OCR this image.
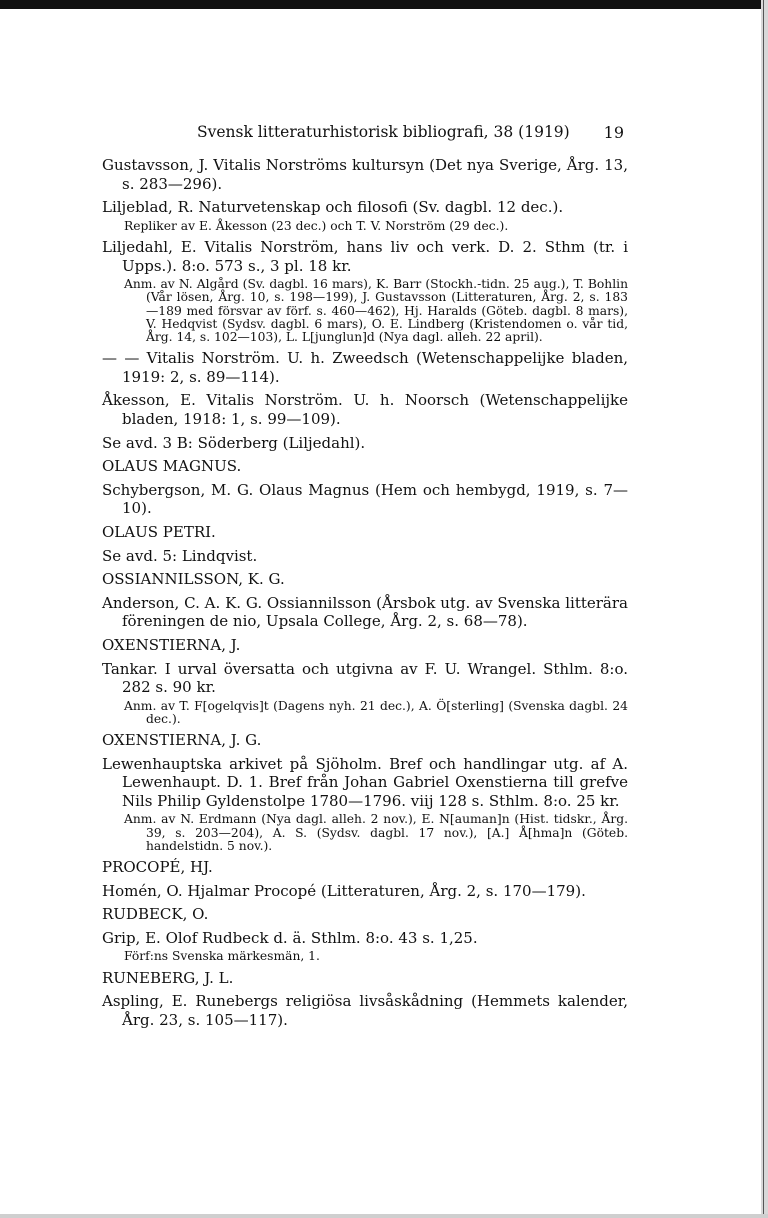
Svensk litteraturhistorisk bibliografi, 38 (1919) 19
Gustavsson, J. Vitalis Norströms kultursyn (Det nya Sverige, Årg. 13, s. 283—296).
Liljeblad, R. Naturvetenskap och filosofi (Sv. dagbl. 12 dec.).
Repliker av E. Åkesson (23 dec.) och T. V. Norström (29 dec.).
Liljedahl, E. Vitalis Norström, hans liv och verk. D. 2. Sthm (tr. i Upps.). 8:o. 573 s., 3 pl. 18 kr.
Anm. av N. Algård (Sv. dagbl. 16 mars), K. Barr (Stockh.-tidn. 25 aug.), T. Bohlin (Vår lösen, Årg. 10, s. 198—199), J. Gustavsson (Litteraturen, Årg. 2, s. 183—189 med försvar av förf. s. 460—462), Hj. Haralds (Göteb. dagbl. 8 mars), V. Hedqvist (Sydsv. dagbl. 6 mars), O. E. Lindberg (Kristendomen o. vår tid, Årg. 14, s. 102—103), L. L[junglun]d (Nya dagl. alleh. 22 april).
— — Vitalis Norström. U. h. Zweedsch (Wetenschappelijke bladen, 1919: 2, s. 89—114).
Åkesson, E. Vitalis Norström. U. h. Noorsch (Wetenschappelijke bladen, 1918: 1, s. 99—109).
Se avd. 3 B: Söderberg (Liljedahl).
OLAUS MAGNUS.
Schybergson, M. G. Olaus Magnus (Hem och hembygd, 1919, s. 7—10).
OLAUS PETRI.
Se avd. 5: Lindqvist.
OSSIANNILSSON, K. G.
Anderson, C. A. K. G. Ossiannilsson (Årsbok utg. av Svenska litterära föreningen de nio, Upsala College, Årg. 2, s. 68—78).
OXENSTIERNA, J.
Tankar. I urval översatta och utgivna av F. U. Wrangel. Sthlm. 8:o. 282 s. 90 kr.
Anm. av T. F[ogelqvis]t (Dagens nyh. 21 dec.), A. Ö[sterling] (Svenska dagbl. 24 dec.).
OXENSTIERNA, J. G.
Lewenhauptska arkivet på Sjöholm. Bref och handlingar utg. af A. Lewenhaupt. D. 1. Bref från Johan Gabriel Oxenstierna till grefve Nils Philip Gyldenstolpe 1780—1796. viij 128 s. Sthlm. 8:o. 25 kr.
Anm. av N. Erdmann (Nya dagl. alleh. 2 nov.), E. N[auman]n (Hist. tidskr., Årg. 39, s. 203—204), A. S. (Sydsv. dagbl. 17 nov.), [A.] Å[hma]n (Göteb. handelstidn. 5 nov.).
PROCOPÉ, HJ.
Homén, O. Hjalmar Procopé (Litteraturen, Årg. 2, s. 170—179).
RUDBECK, O.
Grip, E. Olof Rudbeck d. ä. Sthlm. 8:o. 43 s. 1,25.
Förf:ns Svenska märkesmän, 1.
RUNEBERG, J. L.
Aspling, E. Runebergs religiösa livsåskådning (Hemmets kalender, Årg. 23, s. 105—117).
